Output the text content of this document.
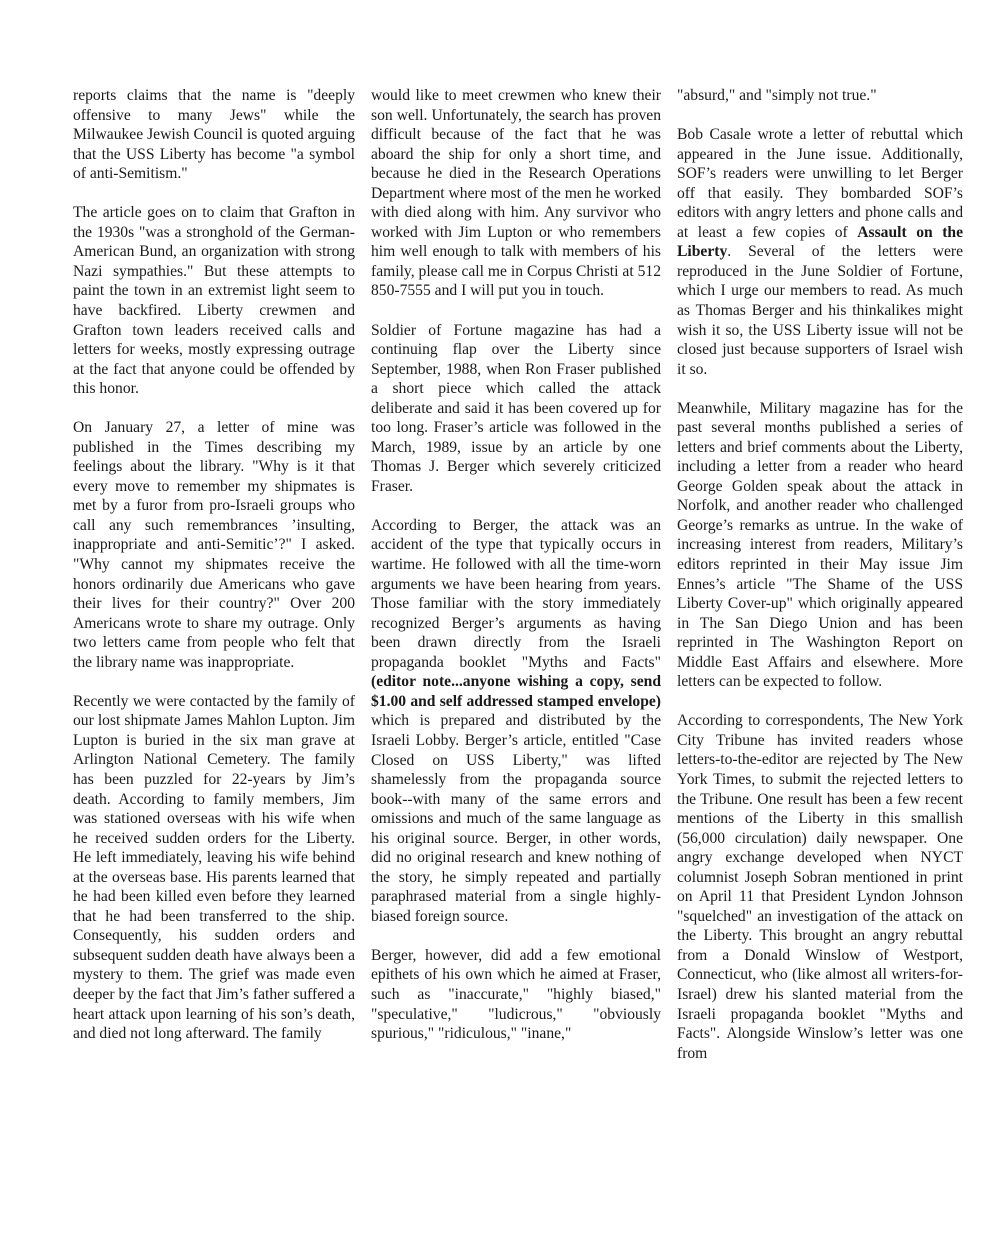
reports claims that the name is "deeply offensive to many Jews" while the Milwaukee Jewish Council is quoted arguing that the USS Liberty has become "a symbol of anti-Semitism."

The article goes on to claim that Grafton in the 1930s "was a stronghold of the German-American Bund, an organization with strong Nazi sympathies." But these attempts to paint the town in an extremist light seem to have backfired. Liberty crewmen and Grafton town leaders received calls and letters for weeks, mostly expressing outrage at the fact that anyone could be offended by this honor.

On January 27, a letter of mine was published in the Times describing my feelings about the library. "Why is it that every move to remember my shipmates is met by a furor from pro-Israeli groups who call any such remembrances ’insulting, inappropriate and anti-Semitic’?" I asked. "Why cannot my shipmates receive the honors ordinarily due Americans who gave their lives for their country?" Over 200 Americans wrote to share my outrage. Only two letters came from people who felt that the library name was inappropriate.

Recently we were contacted by the family of our lost shipmate James Mahlon Lupton. Jim Lupton is buried in the six man grave at Arlington National Cemetery. The family has been puzzled for 22-years by Jim’s death. According to family members, Jim was stationed overseas with his wife when he received sudden orders for the Liberty. He left immediately, leaving his wife behind at the overseas base. His parents learned that he had been killed even before they learned that he had been transferred to the ship. Consequently, his sudden orders and subsequent sudden death have always been a mystery to them. The grief was made even deeper by the fact that Jim’s father suffered a heart attack upon learning of his son’s death, and died not long afterward. The family

would like to meet crewmen who knew their son well. Unfortunately, the search has proven difficult because of the fact that he was aboard the ship for only a short time, and because he died in the Research Operations Department where most of the men he worked with died along with him. Any survivor who worked with Jim Lupton or who remembers him well enough to talk with members of his family, please call me in Corpus Christi at 512 850-7555 and I will put you in touch.

Soldier of Fortune magazine has had a continuing flap over the Liberty since September, 1988, when Ron Fraser published a short piece which called the attack deliberate and said it has been covered up for too long. Fraser’s article was followed in the March, 1989, issue by an article by one Thomas J. Berger which severely criticized Fraser.

According to Berger, the attack was an accident of the type that typically occurs in wartime. He followed with all the time-worn arguments we have been hearing from years. Those familiar with the story immediately recognized Berger’s arguments as having been drawn directly from the Israeli propaganda booklet "Myths and Facts" (editor note...anyone wishing a copy, send $1.00 and self addressed stamped envelope) which is prepared and distributed by the Israeli Lobby. Berger’s article, entitled "Case Closed on USS Liberty," was lifted shamelessly from the propaganda source book--with many of the same errors and omissions and much of the same language as his original source. Berger, in other words, did no original research and knew nothing of the story, he simply repeated and partially paraphrased material from a single highly-biased foreign source.

Berger, however, did add a few emotional epithets of his own which he aimed at Fraser, such as "inaccurate," "highly biased," "speculative," "ludicrous," "obviously spurious," "ridiculous," "inane,"

"absurd," and "simply not true."

Bob Casale wrote a letter of rebuttal which appeared in the June issue. Additionally, SOF’s readers were unwilling to let Berger off that easily. They bombarded SOF’s editors with angry letters and phone calls and at least a few copies of Assault on the Liberty. Several of the letters were reproduced in the June Soldier of Fortune, which I urge our members to read. As much as Thomas Berger and his thinkalikes might wish it so, the USS Liberty issue will not be closed just because supporters of Israel wish it so.

Meanwhile, Military magazine has for the past several months published a series of letters and brief comments about the Liberty, including a letter from a reader who heard George Golden speak about the attack in Norfolk, and another reader who challenged George’s remarks as untrue. In the wake of increasing interest from readers, Military’s editors reprinted in their May issue Jim Ennes’s article "The Shame of the USS Liberty Cover-up" which originally appeared in The San Diego Union and has been reprinted in The Washington Report on Middle East Affairs and elsewhere. More letters can be expected to follow.

According to correspondents, The New York City Tribune has invited readers whose letters-to-the-editor are rejected by The New York Times, to submit the rejected letters to the Tribune. One result has been a few recent mentions of the Liberty in this smallish (56,000 circulation) daily newspaper. One angry exchange developed when NYCT columnist Joseph Sobran mentioned in print on April 11 that President Lyndon Johnson "squelched" an investigation of the attack on the Liberty. This brought an angry rebuttal from a Donald Winslow of Westport, Connecticut, who (like almost all writers-for-Israel) drew his slanted material from the Israeli propaganda booklet "Myths and Facts". Alongside Winslow’s letter was one from
